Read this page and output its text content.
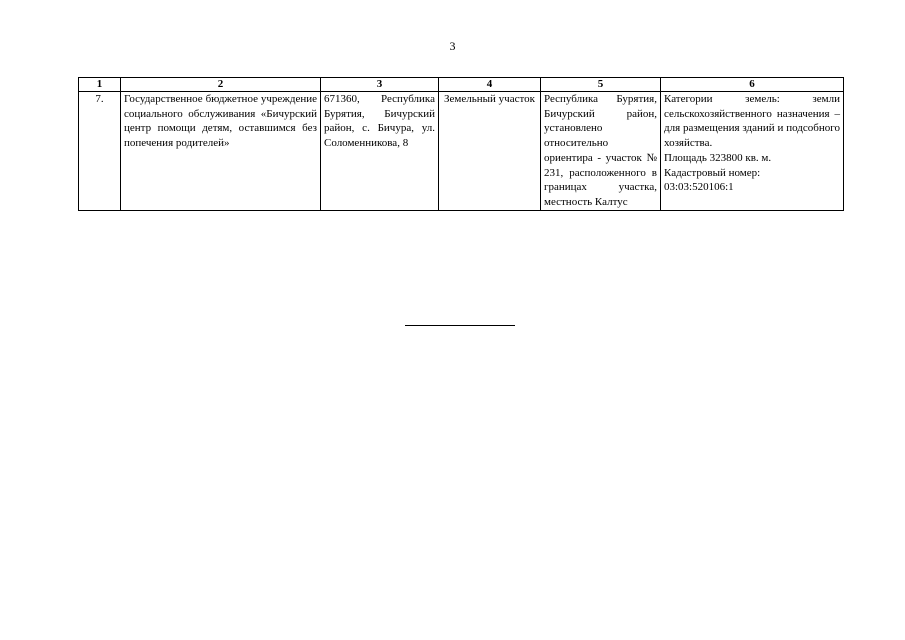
3
1	2	3	4	5	6
7.	Государственное бюджетное учреждение социального обслуживания «Бичурский центр помощи детям, оставшимся без попечения родителей»	671360, Республика Бурятия, Бичурский район, с. Бичура, ул. Соломенникова, 8	Земельный участок	Республика Бурятия, Бичурский район, установлено относительно ориентира - участок № 231, расположенного в границах участка, местность Калтус	Категории земель: земли сельскохозяйственного назначения – для размещения зданий и подсобного хозяйства.
Площадь 323800 кв. м.
Кадастровый номер:
03:03:520106:1
